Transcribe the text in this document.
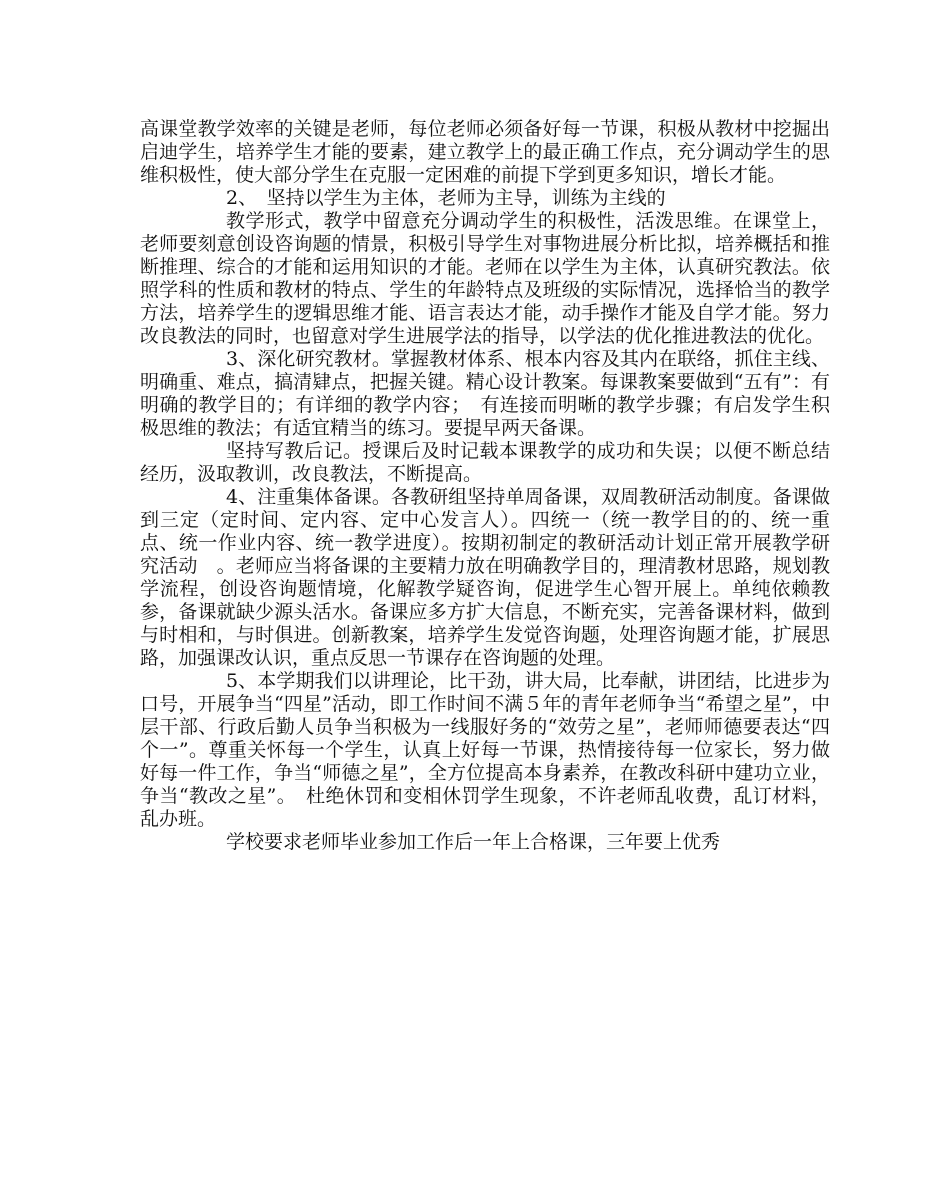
高课堂教学效率的关键是老师，每位老师必须备好每一节课，积极从教材中挖掘出启迪学生，培养学生才能的要素，建立教学上的最正确工作点，充分调动学生的思维积极性，使大部分学生在克服一定困难的前提下学到更多知识，增长才能。

2、　坚持以学生为主体，老师为主导，训练为主线的

教学形式，教学中留意充分调动学生的积极性，活泼思维。在课堂上，老师要刻意创设咨询题的情景，积极引导学生对事物进展分析比拟，培养概括和推断推理、综合的才能和运用知识的才能。老师在以学生为主体，认真研究教法。依照学科的性质和教材的特点、学生的年龄特点及班级的实际情况，选择恰当的教学方法，培养学生的逻辑思维才能、语言表达才能，动手操作才能及自学才能。努力改良教法的同时，也留意对学生进展学法的指导，以学法的优化推进教法的优化。

3、深化研究教材。掌握教材体系、根本内容及其内在联络，抓住主线、明确重、难点，搞清肄点，把握关键。精心设计教案。每课教案要做到“五有”：有明确的教学目的；有详细的教学内容；　有连接而明晰的教学步骤；有启发学生积极思维的教法；有适宜精当的练习。要提早两天备课。

坚持写教后记。授课后及时记载本课教学的成功和失误；以便不断总结经历，汲取教训，改良教法，不断提高。

4、注重集体备课。各教研组坚持单周备课，双周教研活动制度。备课做到三定（定时间、定内容、定中心发言人）。四统一（统一教学目的的、统一重点、统一作业内容、统一教学进度）。按期初制定的教研活动计划正常开展教学研究活动　。老师应当将备课的主要精力放在明确教学目的，理清教材思路，规划教学流程，创设咨询题情境，化解教学疑咨询，促进学生心智开展上。单纯依赖教参，备课就缺少源头活水。备课应多方扩大信息，不断充实，完善备课材料，做到与时相和，与时俱进。创新教案，培养学生发觉咨询题，处理咨询题才能，扩展思路，加强课改认识，重点反思一节课存在咨询题的处理。

5、本学期我们以讲理论，比干劲，讲大局，比奉献，讲团结，比进步为口号，开展争当“四星”活动，即工作时间不满５年的青年老师争当“希望之星”，中层干部、行政后勤人员争当积极为一线服好务的“效劳之星”，老师师德要表达“四个一”。尊重关怀每一个学生，认真上好每一节课，热情接待每一位家长，努力做好每一件工作，争当“师德之星”，全方位提高本身素养，在教改科研中建功立业，争当“教改之星”。　杜绝休罚和变相休罚学生现象，不许老师乱收费，乱订材料，乱办班。

学校要求老师毕业参加工作后一年上合格课，三年要上优秀
